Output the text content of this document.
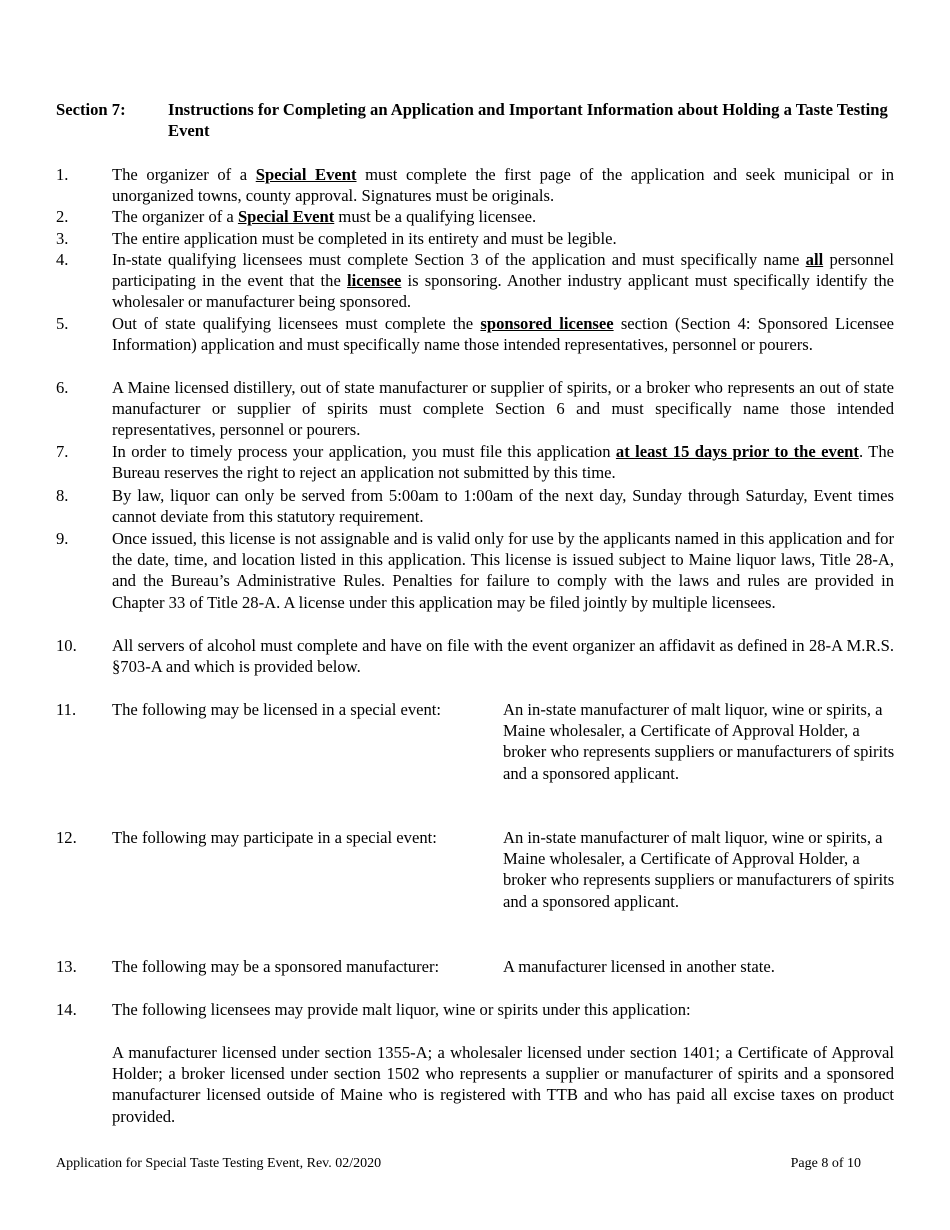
Section 7:	Instructions for Completing an Application and Important Information about Holding a Taste Testing Event
1.	The organizer of a Special Event must complete the first page of the application and seek municipal or in unorganized towns, county approval. Signatures must be originals.
2.	The organizer of a Special Event must be a qualifying licensee.
3.	The entire application must be completed in its entirety and must be legible.
4.	In-state qualifying licensees must complete Section 3 of the application and must specifically name all personnel participating in the event that the licensee is sponsoring. Another industry applicant must specifically identify the wholesaler or manufacturer being sponsored.
5.	Out of state qualifying licensees must complete the sponsored licensee section (Section 4: Sponsored Licensee Information) application and must specifically name those intended representatives, personnel or pourers.
6.	A Maine licensed distillery, out of state manufacturer or supplier of spirits, or a broker who represents an out of state manufacturer or supplier of spirits must complete Section 6 and must specifically name those intended representatives, personnel or pourers.
7.	In order to timely process your application, you must file this application at least 15 days prior to the event. The Bureau reserves the right to reject an application not submitted by this time.
8.	By law, liquor can only be served from 5:00am to 1:00am of the next day, Sunday through Saturday, Event times cannot deviate from this statutory requirement.
9.	Once issued, this license is not assignable and is valid only for use by the applicants named in this application and for the date, time, and location listed in this application. This license is issued subject to Maine liquor laws, Title 28-A, and the Bureau’s Administrative Rules. Penalties for failure to comply with the laws and rules are provided in Chapter 33 of Title 28-A. A license under this application may be filed jointly by multiple licensees.
10. All servers of alcohol must complete and have on file with the event organizer an affidavit as defined in 28-A M.R.S. §703-A and which is provided below.
11. The following may be licensed in a special event:	An in-state manufacturer of malt liquor, wine or spirits, a Maine wholesaler, a Certificate of Approval Holder, a broker who represents suppliers or manufacturers of spirits and a sponsored applicant.
12. The following may participate in a special event:	An in-state manufacturer of malt liquor, wine or spirits, a Maine wholesaler, a Certificate of Approval Holder, a broker who represents suppliers or manufacturers of spirits and a sponsored applicant.
13. The following may be a sponsored manufacturer:	A manufacturer licensed in another state.
14. The following licensees may provide malt liquor, wine or spirits under this application:
A manufacturer licensed under section 1355-A; a wholesaler licensed under section 1401; a Certificate of Approval Holder; a broker licensed under section 1502 who represents a supplier or manufacturer of spirits and a sponsored manufacturer licensed outside of Maine who is registered with TTB and who has paid all excise taxes on product provided.
Application for Special Taste Testing Event, Rev. 02/2020	Page 8 of 10
